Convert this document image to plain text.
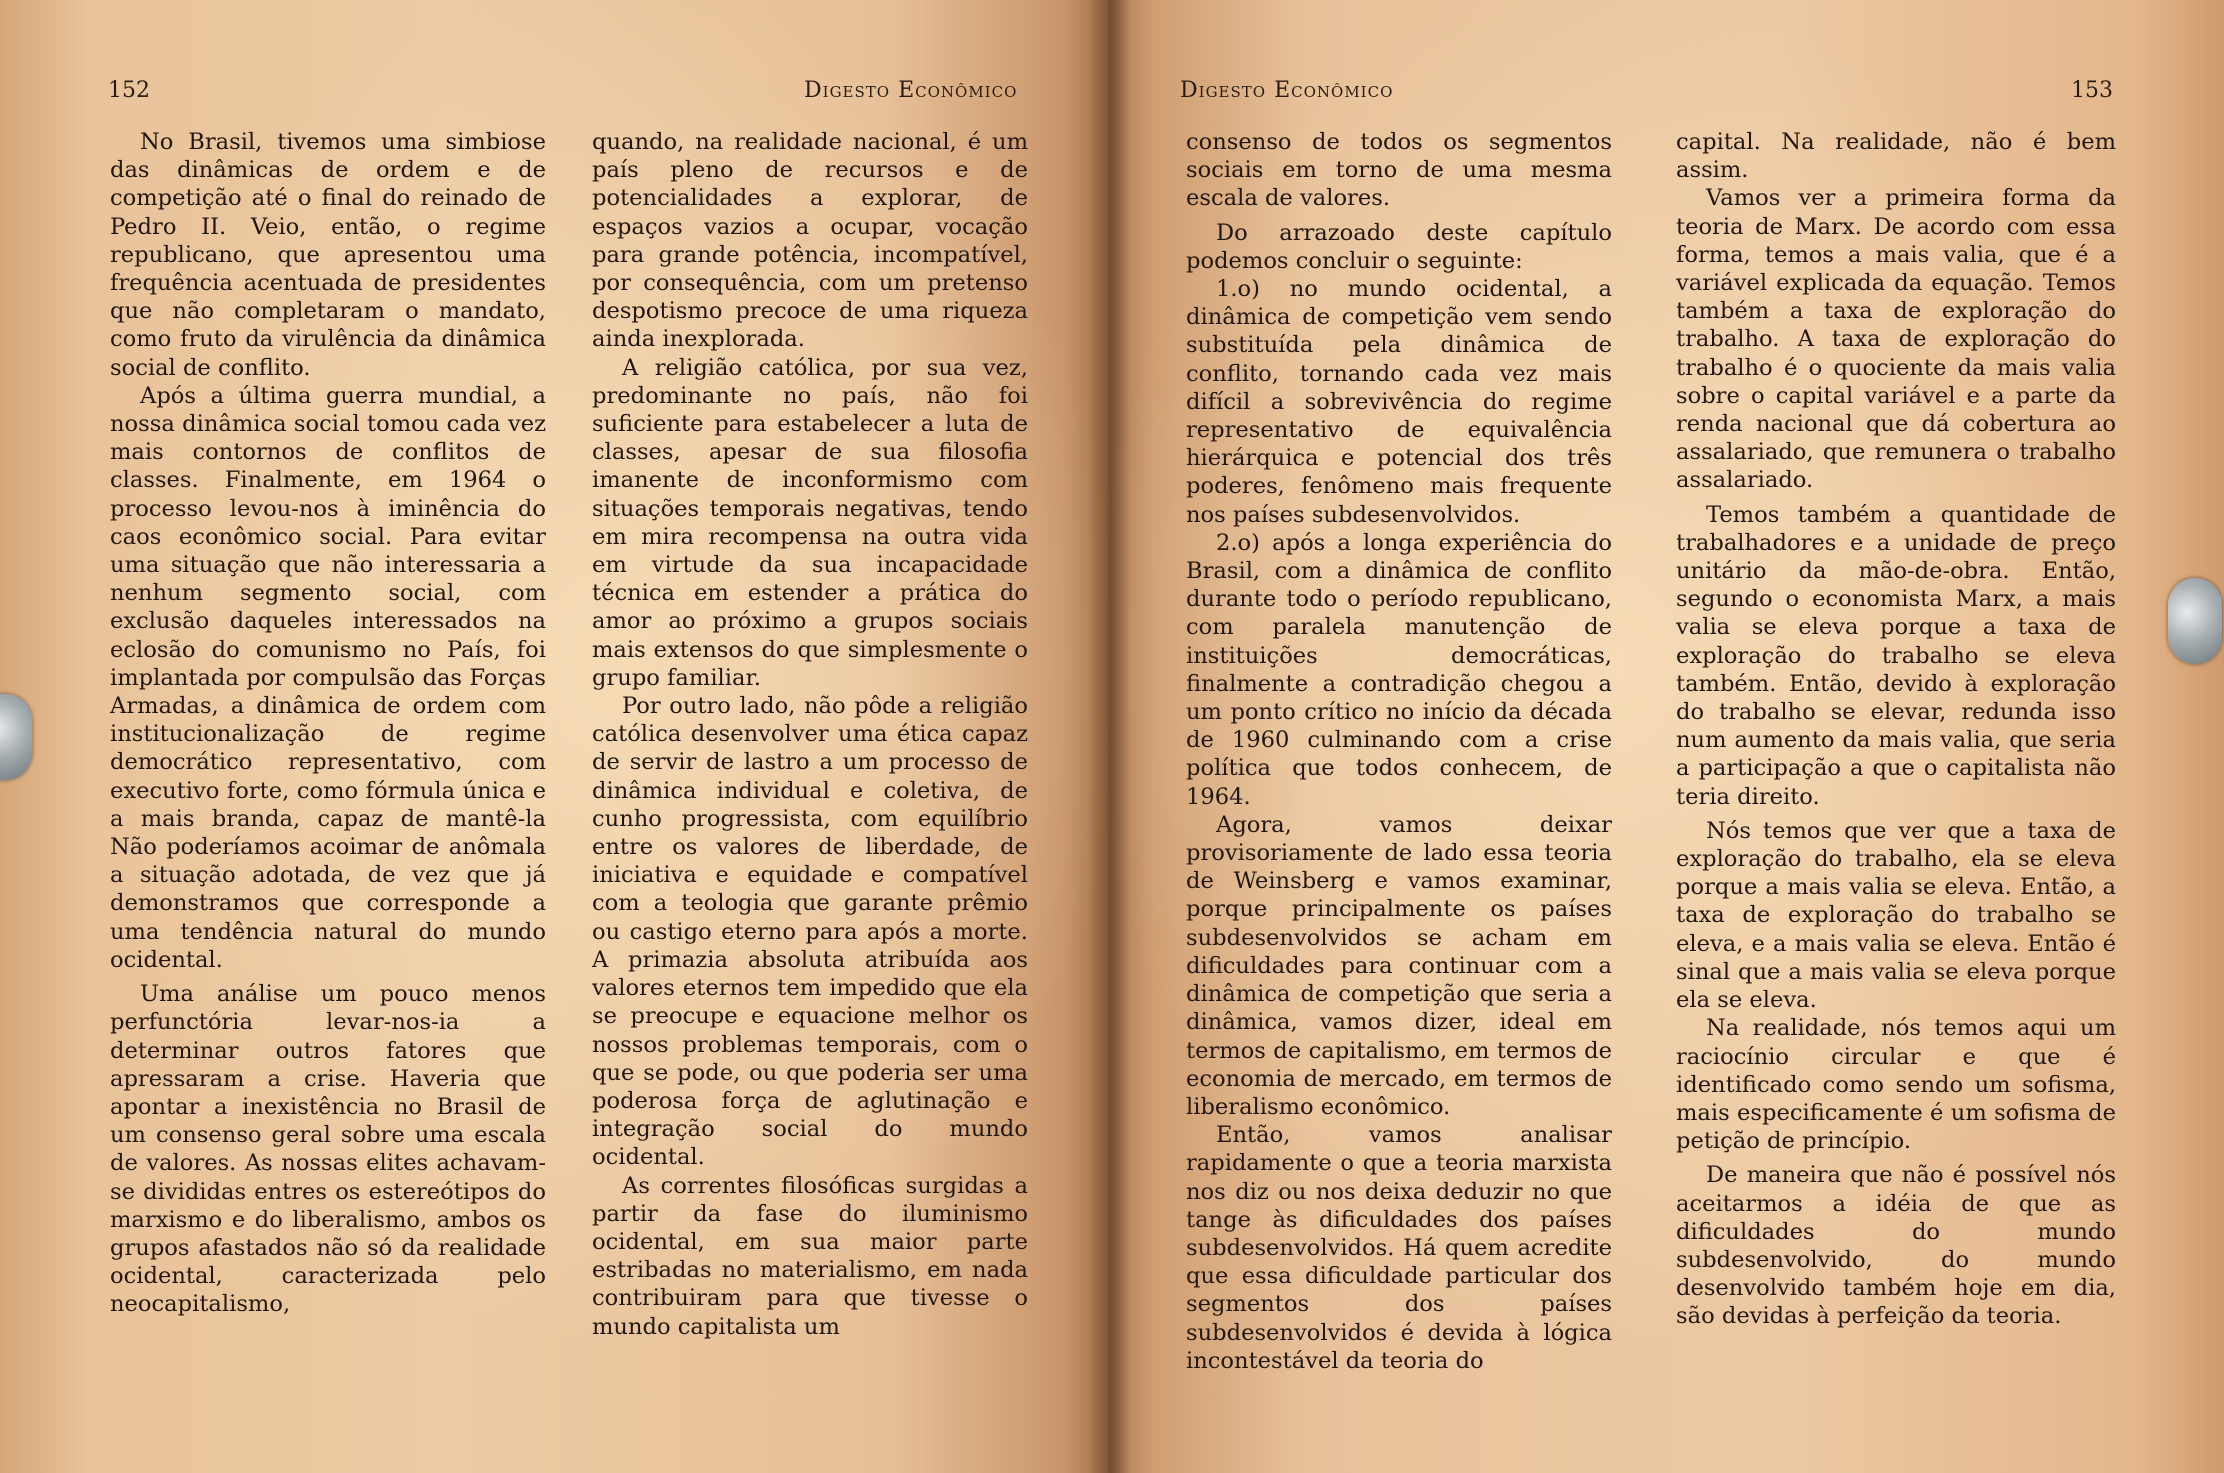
152	Digesto Econômico

No Brasil, tivemos uma simbiose das dinâmicas de ordem e de competição até o final do reinado de Pedro II. Veio, então, o regime republicano, que apresentou uma frequência acentuada de presidentes que não completaram o mandato, como fruto da virulência da dinâmica social de conflito.

Após a última guerra mundial, a nossa dinâmica social tomou cada vez mais contornos de conflitos de classes. Finalmente, em 1964 o processo levou-nos à iminência do caos econômico social. Para evitar uma situação que não interessaria a nenhum segmento social, com exclusão daqueles interessados na eclosão do comunismo no País, foi implantada por compulsão das Forças Armadas, a dinâmica de ordem com institucionalização de regime democrático representativo, com executivo forte, como fórmula única e a mais branda, capaz de mantê-la Não poderíamos acoimar de anômala a situação adotada, de vez que já demonstramos que corresponde a uma tendência natural do mundo ocidental.

Uma análise um pouco menos perfunctória levar-nos-ia a determinar outros fatores que apressaram a crise. Haveria que apontar a inexistência no Brasil de um consenso geral sobre uma escala de valores. As nossas elites achavam-se divididas entres os estereótipos do marxismo e do liberalismo, ambos os grupos afastados não só da realidade ocidental, caracterizada pelo neocapitalismo,

quando, na realidade nacional, é um país pleno de recursos e de potencialidades a explorar, de espaços vazios a ocupar, vocação para grande potência, incompatível, por consequência, com um pretenso despotismo precoce de uma riqueza ainda inexplorada.

A religião católica, por sua vez, predominante no país, não foi suficiente para estabelecer a luta de classes, apesar de sua filosofia imanente de inconformismo com situações temporais negativas, tendo em mira recompensa na outra vida em virtude da sua incapacidade técnica em estender a prática do amor ao próximo a grupos sociais mais extensos do que simplesmente o grupo familiar.

Por outro lado, não pôde a religião católica desenvolver uma ética capaz de servir de lastro a um processo de dinâmica individual e coletiva, de cunho progressista, com equilíbrio entre os valores de liberdade, de iniciativa e equidade e compatível com a teologia que garante prêmio ou castigo eterno para após a morte. A primazia absoluta atribuída aos valores eternos tem impedido que ela se preocupe e equacione melhor os nossos problemas temporais, com o que se pode, ou que poderia ser uma poderosa força de aglutinação e integração social do mundo ocidental.

As correntes filosóficas surgidas a partir da fase do iluminismo ocidental, em sua maior parte estribadas no materialismo, em nada contribuiram para que tivesse o mundo capitalista um

Digesto Econômico	153

consenso de todos os segmentos sociais em torno de uma mesma escala de valores.

Do arrazoado deste capítulo podemos concluir o seguinte:

1.o) no mundo ocidental, a dinâmica de competição vem sendo substituída pela dinâmica de conflito, tornando cada vez mais difícil a sobrevivência do regime representativo de equivalência hierárquica e potencial dos três poderes, fenômeno mais frequente nos países subdesenvolvidos.

2.o) após a longa experiência do Brasil, com a dinâmica de conflito durante todo o período republicano, com paralela manutenção de instituições democráticas, finalmente a contradição chegou a um ponto crítico no início da década de 1960 culminando com a crise política que todos conhecem, de 1964.

Agora, vamos deixar provisoriamente de lado essa teoria de Weinsberg e vamos examinar, porque principalmente os países subdesenvolvidos se acham em dificuldades para continuar com a dinâmica de competição que seria a dinâmica, vamos dizer, ideal em termos de capitalismo, em termos de economia de mercado, em termos de liberalismo econômico.

Então, vamos analisar rapidamente o que a teoria marxista nos diz ou nos deixa deduzir no que tange às dificuldades dos países subdesenvolvidos. Há quem acredite que essa dificuldade particular dos segmentos dos países subdesenvolvidos é devida à lógica incontestável da teoria do

capital. Na realidade, não é bem assim.

Vamos ver a primeira forma da teoria de Marx. De acordo com essa forma, temos a mais valia, que é a variável explicada da equação. Temos também a taxa de exploração do trabalho. A taxa de exploração do trabalho é o quociente da mais valia sobre o capital variável e a parte da renda nacional que dá cobertura ao assalariado, que remunera o trabalho assalariado.

Temos também a quantidade de trabalhadores e a unidade de preço unitário da mão-de-obra. Então, segundo o economista Marx, a mais valia se eleva porque a taxa de exploração do trabalho se eleva também. Então, devido à exploração do trabalho se elevar, redunda isso num aumento da mais valia, que seria a participação a que o capitalista não teria direito.

Nós temos que ver que a taxa de exploração do trabalho, ela se eleva porque a mais valia se eleva. Então, a taxa de exploração do trabalho se eleva, e a mais valia se eleva. Então é sinal que a mais valia se eleva porque ela se eleva.

Na realidade, nós temos aqui um raciocínio circular e que é identificado como sendo um sofisma, mais especificamente é um sofisma de petição de princípio.

De maneira que não é possível nós aceitarmos a idéia de que as dificuldades do mundo subdesenvolvido, do mundo desenvolvido também hoje em dia, são devidas à perfeição da teoria.
